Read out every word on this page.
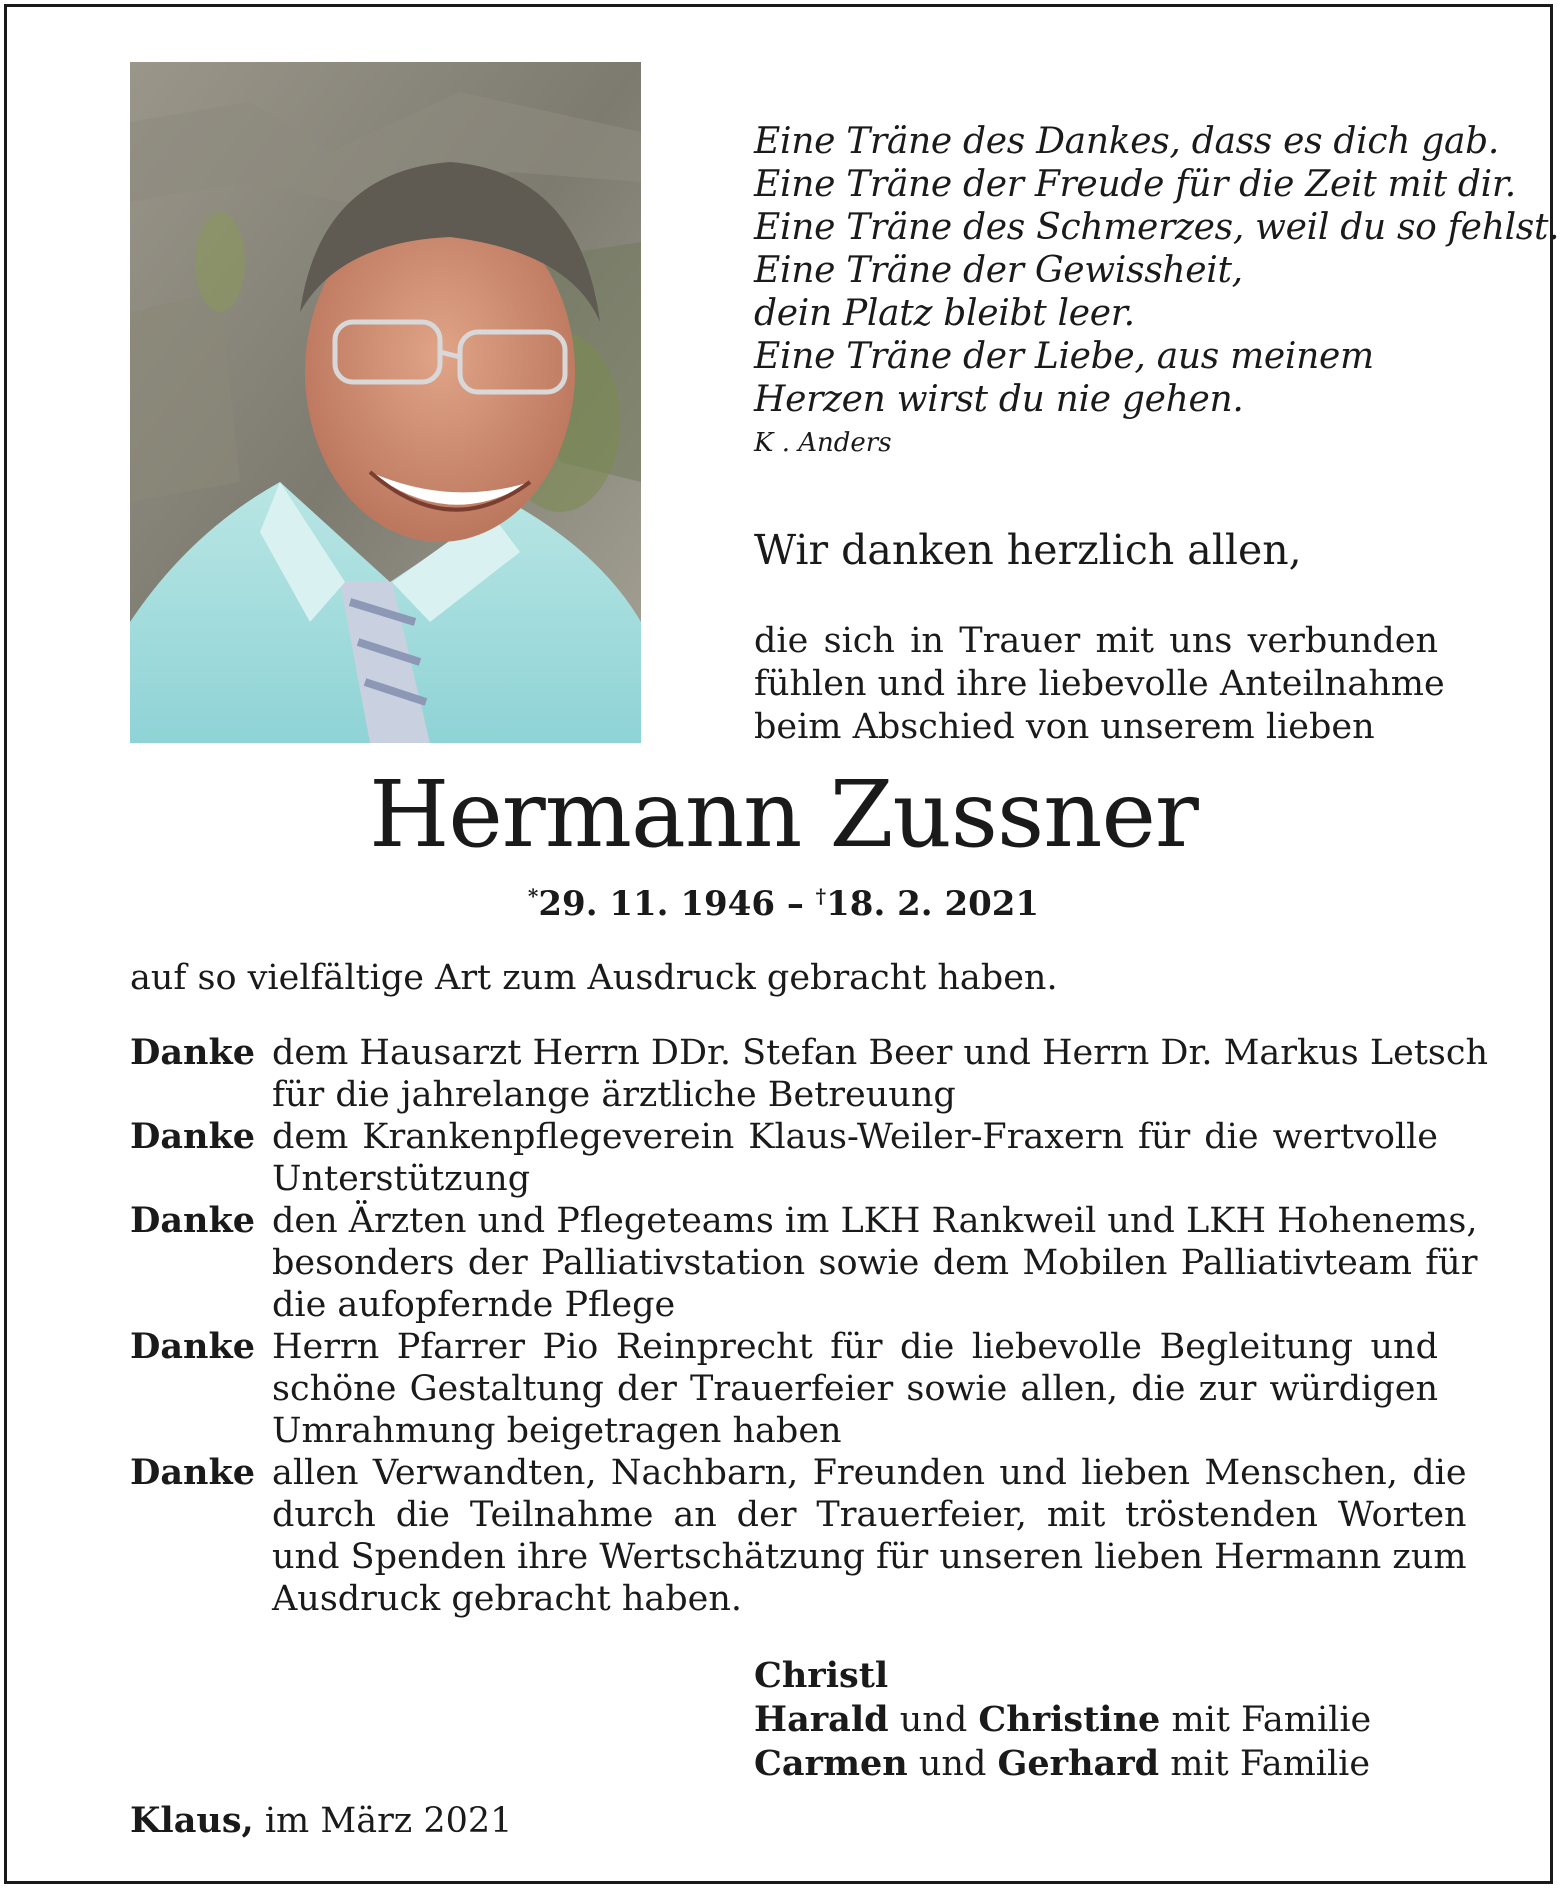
Eine Träne des Dankes, dass es dich gab.
Eine Träne der Freude für die Zeit mit dir.
Eine Träne des Schmerzes, weil du so fehlst.
Eine Träne der Gewissheit,
dein Platz bleibt leer.
Eine Träne der Liebe, aus meinem
Herzen wirst du nie gehen.
K . Anders
Wir danken herzlich allen,
die sich in Trauer mit uns verbunden
fühlen und ihre liebevolle Anteilnahme
beim Abschied von unserem lieben
Hermann Zussner
*29. 11. 1946 – †18. 2. 2021
auf so vielfältige Art zum Ausdruck gebracht haben.
Danke dem Hausarzt Herrn DDr. Stefan Beer und Herrn Dr. Markus Letsch
für die jahrelange ärztliche Betreuung
Danke dem Krankenpflegeverein Klaus-Weiler-Fraxern für die wertvolle
Unterstützung
Danke den Ärzten und Pflegeteams im LKH Rankweil und LKH Hohenems,
besonders der Palliativstation sowie dem Mobilen Palliativteam für
die aufopfernde Pflege
Danke Herrn Pfarrer Pio Reinprecht für die liebevolle Begleitung und
schöne Gestaltung der Trauerfeier sowie allen, die zur würdigen
Umrahmung beigetragen haben
Danke allen Verwandten, Nachbarn, Freunden und lieben Menschen, die
durch die Teilnahme an der Trauerfeier, mit tröstenden Worten
und Spenden ihre Wertschätzung für unseren lieben Hermann zum
Ausdruck gebracht haben.
Christl
Harald und Christine mit Familie
Carmen und Gerhard mit Familie
Klaus, im März 2021
